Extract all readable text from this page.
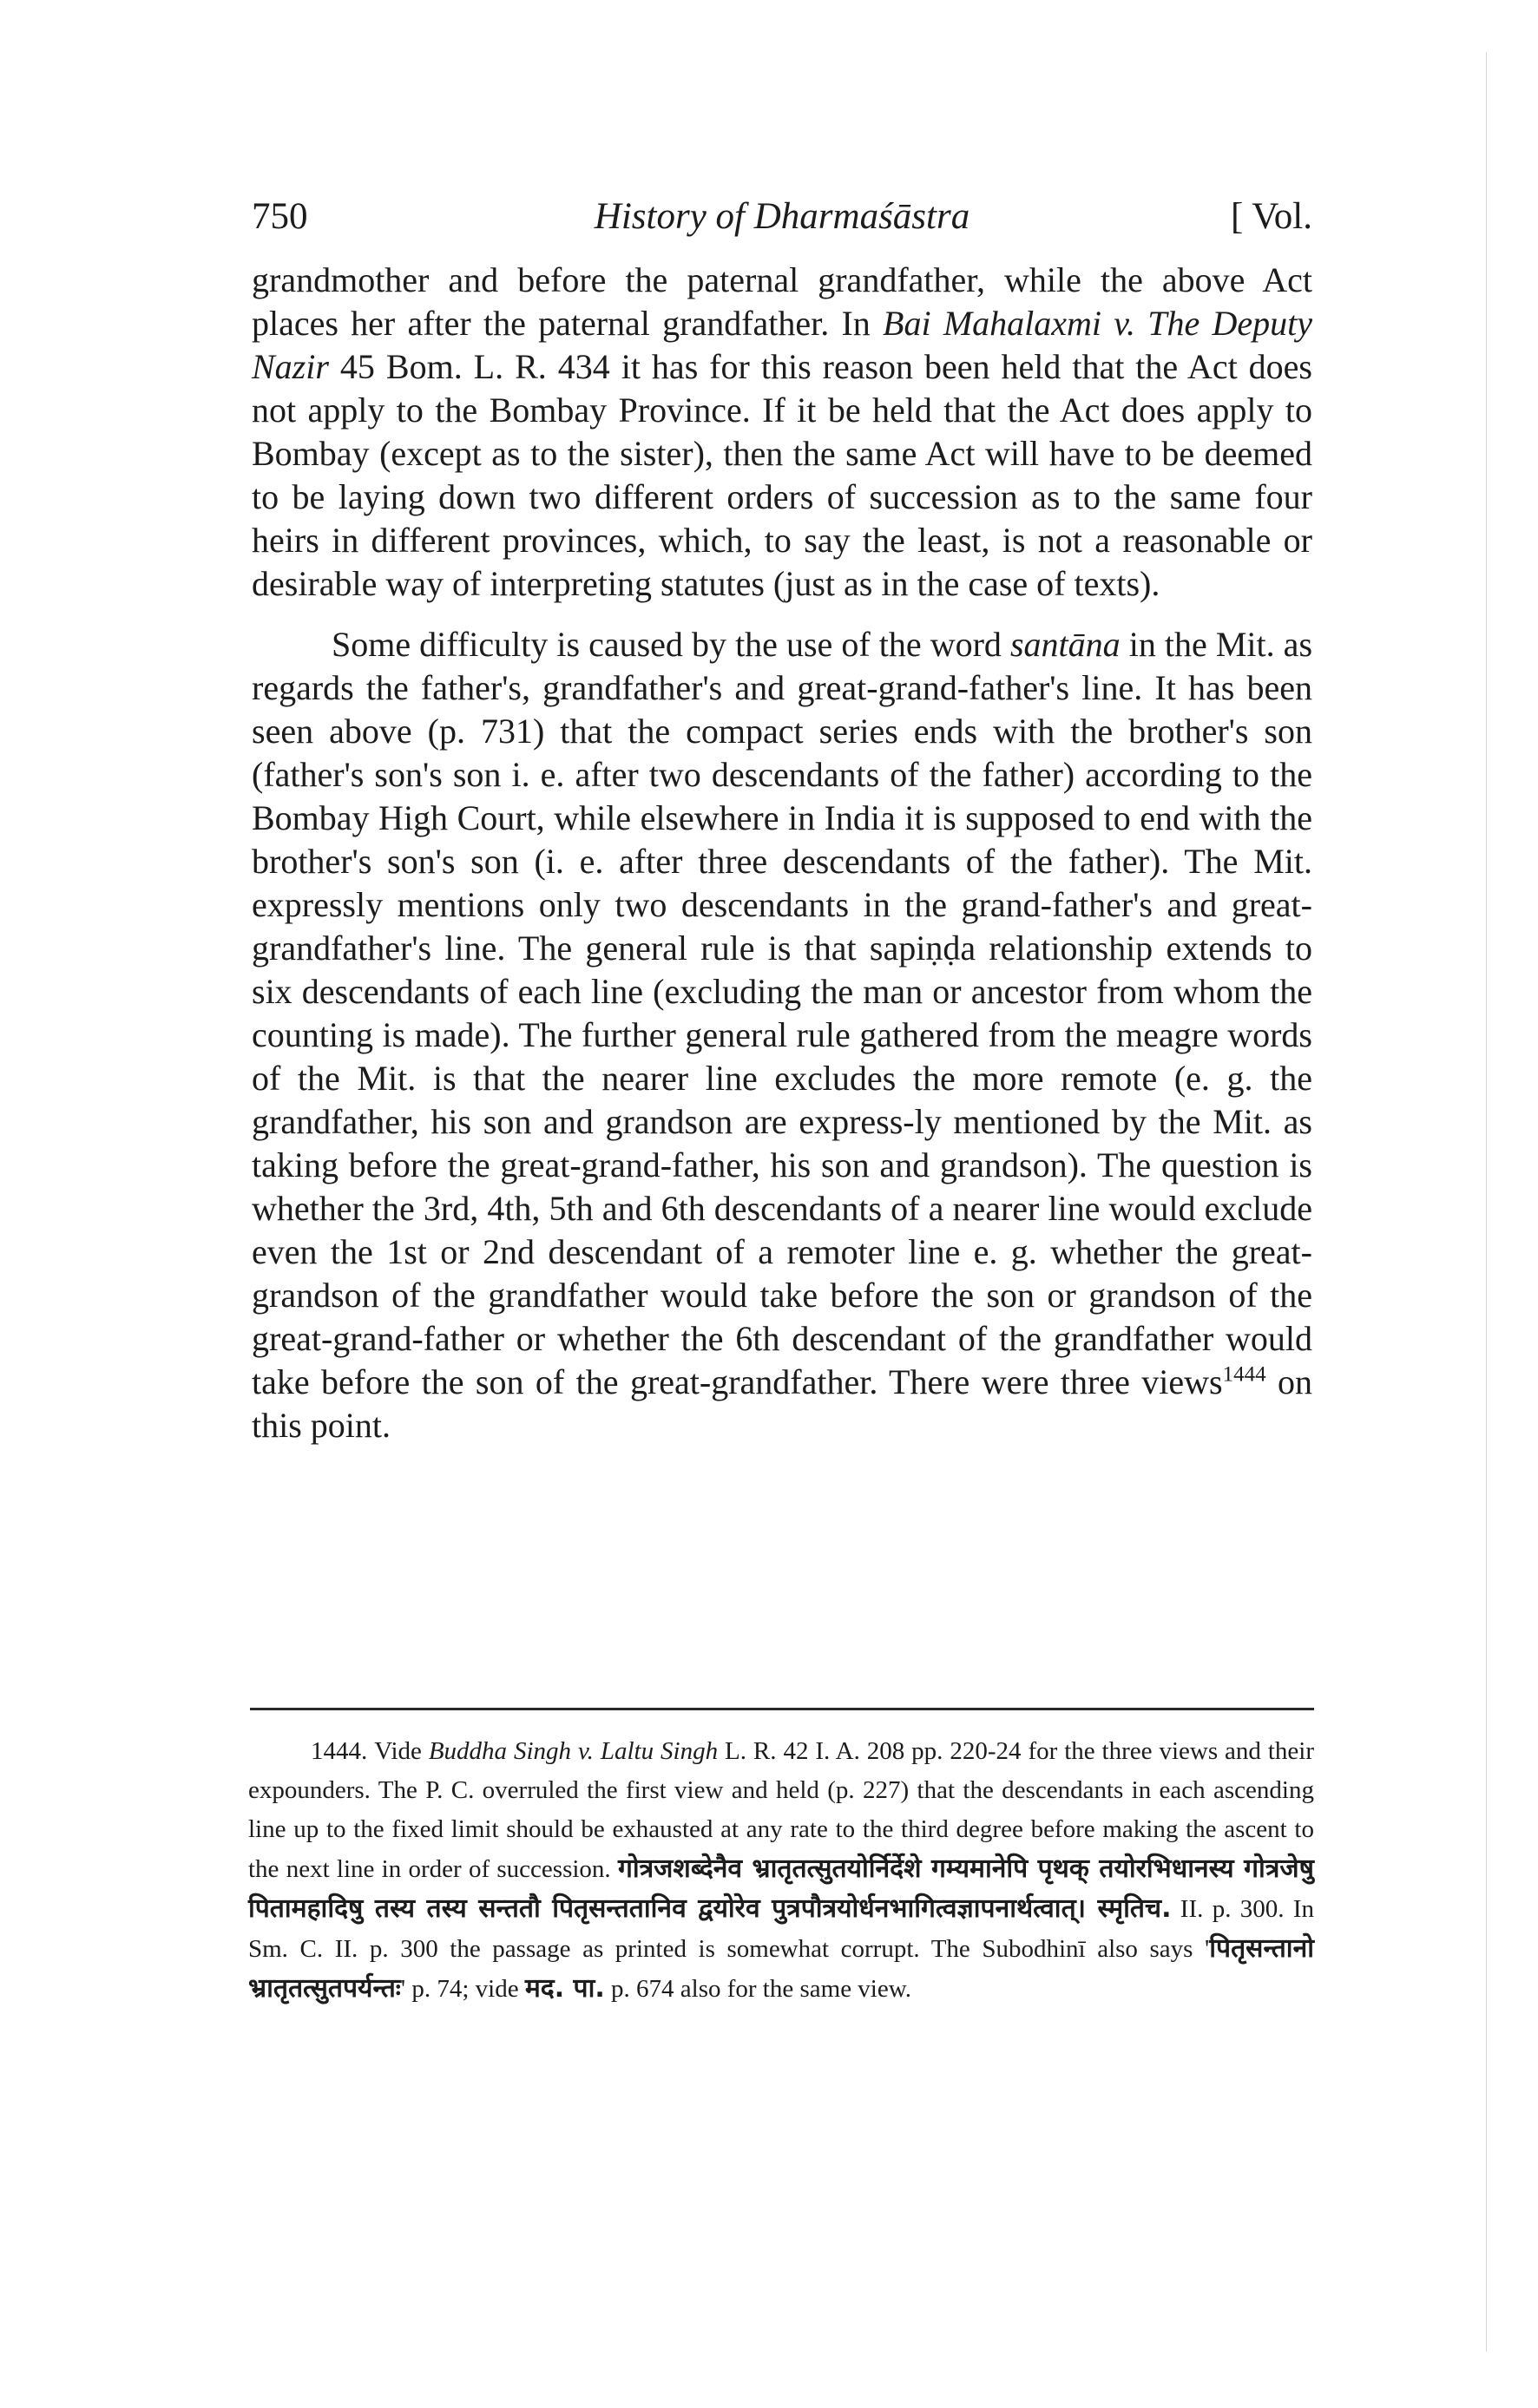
750	History of Dharmaśāstra	[ Vol.

grandmother and before the paternal grandfather, while the above Act places her after the paternal grandfather. In Bai Mahalaxmi v. The Deputy Nazir 45 Bom. L. R. 434 it has for this reason been held that the Act does not apply to the Bombay Province. If it be held that the Act does apply to Bombay (except as to the sister), then the same Act will have to be deemed to be laying down two different orders of succession as to the same four heirs in different provinces, which, to say the least, is not a reasonable or desirable way of interpreting statutes (just as in the case of texts).

Some difficulty is caused by the use of the word santāna in the Mit. as regards the father's, grandfather's and great-grand-father's line. It has been seen above (p. 731) that the compact series ends with the brother's son (father's son's son i. e. after two descendants of the father) according to the Bombay High Court, while elsewhere in India it is supposed to end with the brother's son's son (i. e. after three descendants of the father). The Mit. expressly mentions only two descendants in the grand-father's and great-grandfather's line. The general rule is that sapiṇḍa relationship extends to six descendants of each line (excluding the man or ancestor from whom the counting is made). The further general rule gathered from the meagre words of the Mit. is that the nearer line excludes the more remote (e. g. the grandfather, his son and grandson are express-ly mentioned by the Mit. as taking before the great-grand-father, his son and grandson). The question is whether the 3rd, 4th, 5th and 6th descendants of a nearer line would exclude even the 1st or 2nd descendant of a remoter line e. g. whether the great-grandson of the grandfather would take before the son or grandson of the great-grand-father or whether the 6th descendant of the grandfather would take before the son of the great-grandfather. There were three views$^{1444}$ on this point.

1444. Vide Buddha Singh v. Laltu Singh L. R. 42 I. A. 208 pp. 220-24 for the three views and their expounders. The P. C. overruled the first view and held (p. 227) that the descendants in each ascending line up to the fixed limit should be exhausted at any rate to the third degree before making the ascent to the next line in order of succession. गोत्रजशब्देनैव भ्रातृतत्सुतयोर्निर्देशे गम्यमानेपि पृथक् तयोरभिधानस्य गोत्रजेषु पितामहादिषु तस्य तस्य सन्ततौ पितृसन्ततानिव द्वयोरेव पुत्रपौत्रयोर्धनभागित्वज्ञापनार्थत्वात्। स्मृतिच. II. p. 300. In Sm. C. II. p. 300 the passage as printed is somewhat corrupt. The Subodhinī also says 'पितृसन्तानो भ्रातृतत्सुतपर्यन्तः' p. 74; vide मद. पा. p. 674 also for the same view.
